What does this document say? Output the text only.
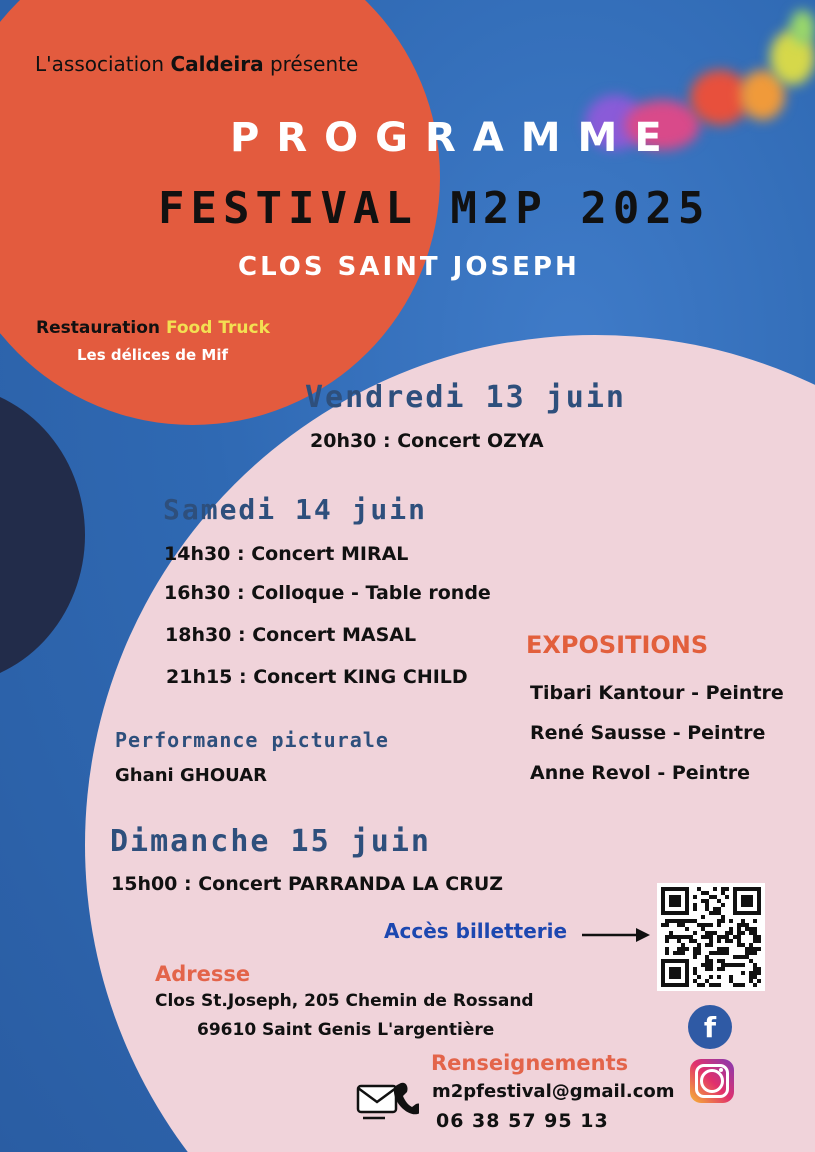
L'association Caldeira présente
PROGRAMME
FESTIVAL M2P 2025
CLOS SAINT JOSEPH
Restauration Food Truck
Les délices de Mif
Vendredi 13 juin
20h30 : Concert OZYA
Samedi 14 juin
14h30 : Concert MIRAL
16h30 : Colloque - Table ronde
18h30 : Concert MASAL
21h15 : Concert KING CHILD
Performance picturale
Ghani GHOUAR
EXPOSITIONS
Tibari Kantour - Peintre
René Sausse - Peintre
Anne Revol - Peintre
Dimanche 15 juin
15h00 : Concert PARRANDA LA CRUZ
Accès billetterie
Adresse
Clos St.Joseph, 205 Chemin de Rossand
69610 Saint Genis L'argentière	f
Renseignements
m2pfestival@gmail.com
06 38 57 95 13
